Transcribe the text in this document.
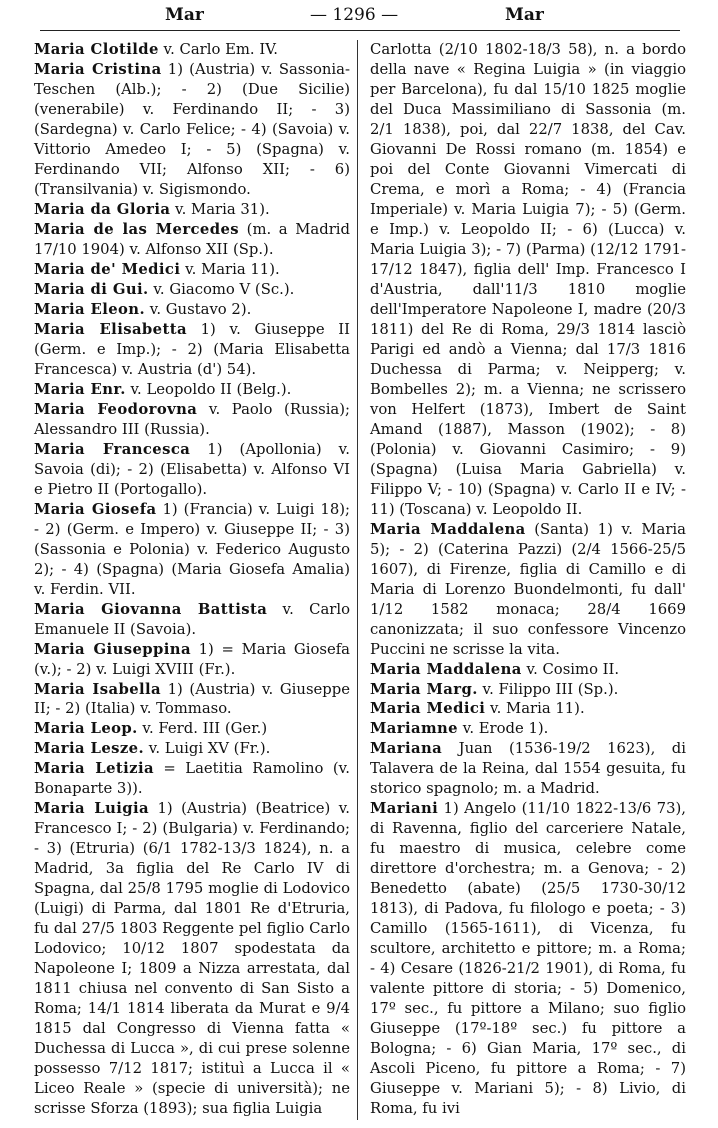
Mar	— 1296 —	Mar

Maria Clotilde v. Carlo Em. IV.

Maria Cristina 1) (Austria) v. Sassonia-Teschen (Alb.); - 2) (Due Sicilie) (venerabile) v. Ferdinando II; - 3) (Sardegna) v. Carlo Felice; - 4) (Savoia) v. Vittorio Amedeo I; - 5) (Spagna) v. Ferdinando VII; Alfonso XII; - 6) (Transilvania) v. Sigismondo.

Maria da Gloria v. Maria 31).

Maria de las Mercedes (m. a Madrid 17/10 1904) v. Alfonso XII (Sp.).

Maria de' Medici v. Maria 11).

Maria di Gui. v. Giacomo V (Sc.).

Maria Eleon. v. Gustavo 2).

Maria Elisabetta 1) v. Giuseppe II (Germ. e Imp.); - 2) (Maria Elisabetta Francesca) v. Austria (d') 54).

Maria Enr. v. Leopoldo II (Belg.).

Maria Feodorovna v. Paolo (Russia); Alessandro III (Russia).

Maria Francesca 1) (Apollonia) v. Savoia (di); - 2) (Elisabetta) v. Alfonso VI e Pietro II (Portogallo).

Maria Giosefa 1) (Francia) v. Luigi 18); - 2) (Germ. e Impero) v. Giuseppe II; - 3) (Sassonia e Polonia) v. Federico Augusto 2); - 4) (Spagna) (Maria Giosefa Amalia) v. Ferdin. VII.

Maria Giovanna Battista v. Carlo Emanuele II (Savoia).

Maria Giuseppina 1) = Maria Giosefa (v.); - 2) v. Luigi XVIII (Fr.).

Maria Isabella 1) (Austria) v. Giuseppe II; - 2) (Italia) v. Tommaso.

Maria Leop. v. Ferd. III (Ger.)

Maria Lesze. v. Luigi XV (Fr.).

Maria Letizia = Laetitia Ramolino (v. Bonaparte 3)).

Maria Luigia 1) (Austria) (Beatrice) v. Francesco I; - 2) (Bulgaria) v. Ferdinando; - 3) (Etruria) (6/1 1782-13/3 1824), n. a Madrid, 3a figlia del Re Carlo IV di Spagna, dal 25/8 1795 moglie di Lodovico (Luigi) di Parma, dal 1801 Re d'Etruria, fu dal 27/5 1803 Reggente pel figlio Carlo Lodovico; 10/12 1807 spodestata da Napoleone I; 1809 a Nizza arrestata, dal 1811 chiusa nel convento di San Sisto a Roma; 14/1 1814 liberata da Murat e 9/4 1815 dal Congresso di Vienna fatta « Duchessa di Lucca », di cui prese solenne possesso 7/12 1817; istituì a Lucca il « Liceo Reale » (specie di università); ne scrisse Sforza (1893); sua figlia Luigia

Carlotta (2/10 1802-18/3 58), n. a bordo della nave « Regina Luigia » (in viaggio per Barcelona), fu dal 15/10 1825 moglie del Duca Massimiliano di Sassonia (m. 2/1 1838), poi, dal 22/7 1838, del Cav. Giovanni De Rossi romano (m. 1854) e poi del Conte Giovanni Vimercati di Crema, e morì a Roma; - 4) (Francia Imperiale) v. Maria Luigia 7); - 5) (Germ. e Imp.) v. Leopoldo II; - 6) (Lucca) v. Maria Luigia 3); - 7) (Parma) (12/12 1791-17/12 1847), figlia dell' Imp. Francesco I d'Austria, dall'11/3 1810 moglie dell'Imperatore Napoleone I, madre (20/3 1811) del Re di Roma, 29/3 1814 lasciò Parigi ed andò a Vienna; dal 17/3 1816 Duchessa di Parma; v. Neipperg; v. Bombelles 2); m. a Vienna; ne scrissero von Helfert (1873), Imbert de Saint Amand (1887), Masson (1902); - 8) (Polonia) v. Giovanni Casimiro; - 9) (Spagna) (Luisa Maria Gabriella) v. Filippo V; - 10) (Spagna) v. Carlo II e IV; - 11) (Toscana) v. Leopoldo II.

Maria Maddalena (Santa) 1) v. Maria 5); - 2) (Caterina Pazzi) (2/4 1566-25/5 1607), di Firenze, figlia di Camillo e di Maria di Lorenzo Buondelmonti, fu dall' 1/12 1582 monaca; 28/4 1669 canonizzata; il suo confessore Vincenzo Puccini ne scrisse la vita.

Maria Maddalena v. Cosimo II.

Maria Marg. v. Filippo III (Sp.).

Maria Medici v. Maria 11).

Mariamne v. Erode 1).

Mariana Juan (1536-19/2 1623), di Talavera de la Reina, dal 1554 gesuita, fu storico spagnolo; m. a Madrid.

Mariani 1) Angelo (11/10 1822-13/6 73), di Ravenna, figlio del carceriere Natale, fu maestro di musica, celebre come direttore d'orchestra; m. a Genova; - 2) Benedetto (abate) (25/5 1730-30/12 1813), di Padova, fu filologo e poeta; - 3) Camillo (1565-1611), di Vicenza, fu scultore, architetto e pittore; m. a Roma; - 4) Cesare (1826-21/2 1901), di Roma, fu valente pittore di storia; - 5) Domenico, 17º sec., fu pittore a Milano; suo figlio Giuseppe (17º-18º sec.) fu pittore a Bologna; - 6) Gian Maria, 17º sec., di Ascoli Piceno, fu pittore a Roma; - 7) Giuseppe v. Mariani 5); - 8) Livio, di Roma, fu ivi
